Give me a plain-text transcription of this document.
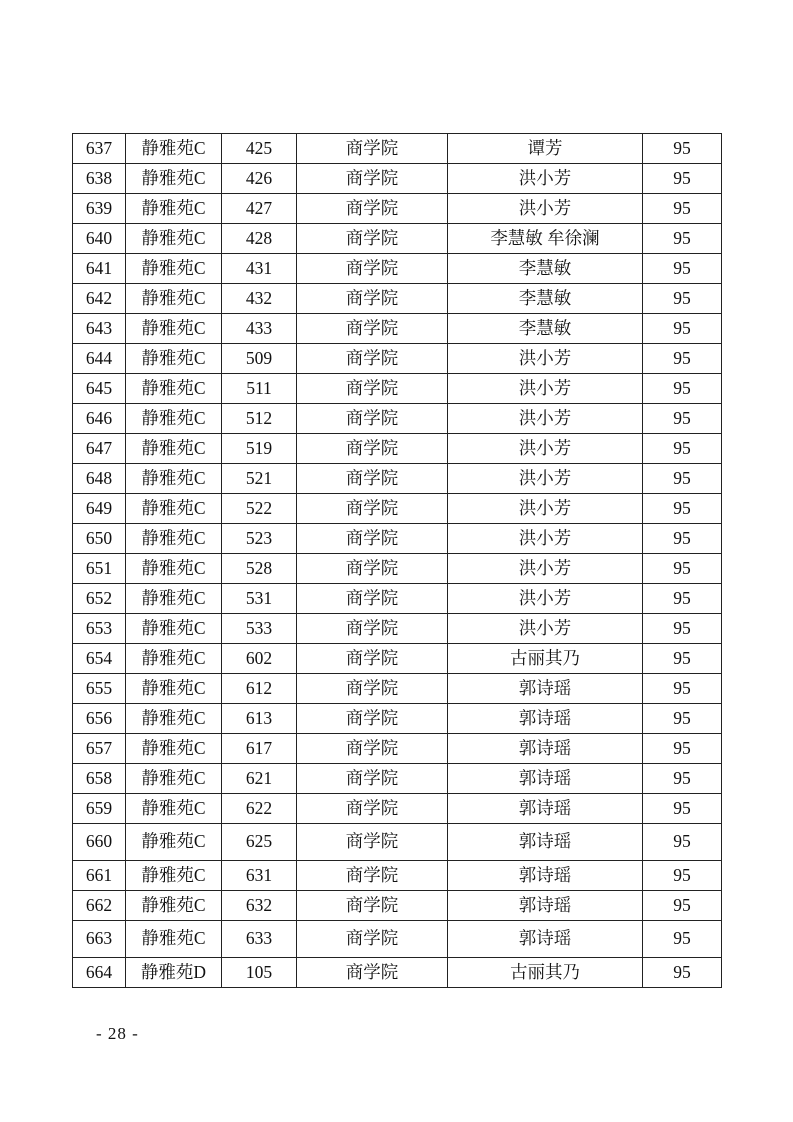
637	静雅苑C	425	商学院	谭芳	95
638	静雅苑C	426	商学院	洪小芳	95
639	静雅苑C	427	商学院	洪小芳	95
640	静雅苑C	428	商学院	李慧敏 牟徐澜	95
641	静雅苑C	431	商学院	李慧敏	95
642	静雅苑C	432	商学院	李慧敏	95
643	静雅苑C	433	商学院	李慧敏	95
644	静雅苑C	509	商学院	洪小芳	95
645	静雅苑C	511	商学院	洪小芳	95
646	静雅苑C	512	商学院	洪小芳	95
647	静雅苑C	519	商学院	洪小芳	95
648	静雅苑C	521	商学院	洪小芳	95
649	静雅苑C	522	商学院	洪小芳	95
650	静雅苑C	523	商学院	洪小芳	95
651	静雅苑C	528	商学院	洪小芳	95
652	静雅苑C	531	商学院	洪小芳	95
653	静雅苑C	533	商学院	洪小芳	95
654	静雅苑C	602	商学院	古丽其乃	95
655	静雅苑C	612	商学院	郭诗瑶	95
656	静雅苑C	613	商学院	郭诗瑶	95
657	静雅苑C	617	商学院	郭诗瑶	95
658	静雅苑C	621	商学院	郭诗瑶	95
659	静雅苑C	622	商学院	郭诗瑶	95
660	静雅苑C	625	商学院	郭诗瑶	95
661	静雅苑C	631	商学院	郭诗瑶	95
662	静雅苑C	632	商学院	郭诗瑶	95
663	静雅苑C	633	商学院	郭诗瑶	95
664	静雅苑D	105	商学院	古丽其乃	95
- 28 -
